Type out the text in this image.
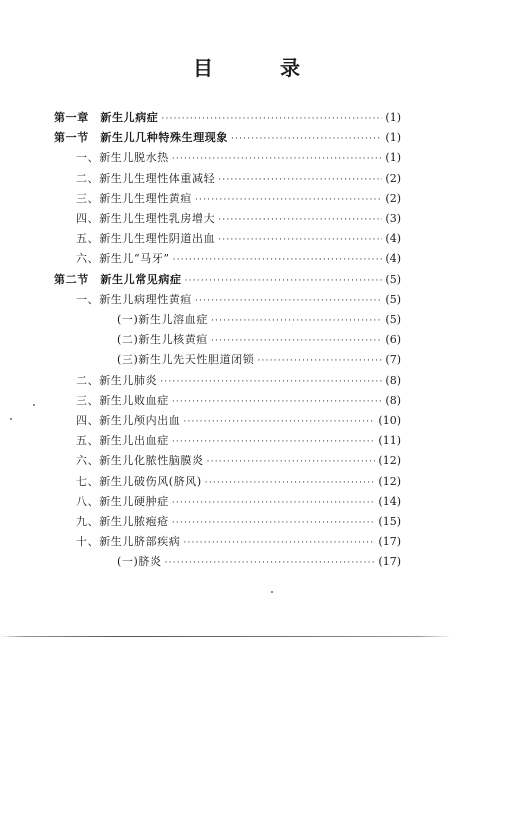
目 录
第一章　新生儿病症 ·····	(1)
第一节　新生儿几种特殊生理现象 ·····	(1)
一、新生儿脱水热 ·····	(1)
二、新生儿生理性体重减轻 ·····	(2)
三、新生儿生理性黄疸 ·····	(2)
四、新生儿生理性乳房增大 ·····	(3)
五、新生儿生理性阴道出血 ·····	(4)
六、新生儿“马牙” ·····	(4)
第二节　新生儿常见病症 ·····	(5)
一、新生儿病理性黄疸 ·····	(5)
(一)新生儿溶血症 ·····	(5)
(二)新生儿核黄疸 ·····	(6)
(三)新生儿先天性胆道闭锁 ·····	(7)
二、新生儿肺炎 ·····	(8)
三、新生儿败血症 ·····	(8)
四、新生儿颅内出血 ·····	(10)
五、新生儿出血症 ·····	(11)
六、新生儿化脓性脑膜炎 ·····	(12)
七、新生儿破伤风(脐风) ·····	(12)
八、新生儿硬肿症 ·····	(14)
九、新生儿脓疱疮 ·····	(15)
十、新生儿脐部疾病 ·····	(17)
(一)脐炎 ·····	(17)
